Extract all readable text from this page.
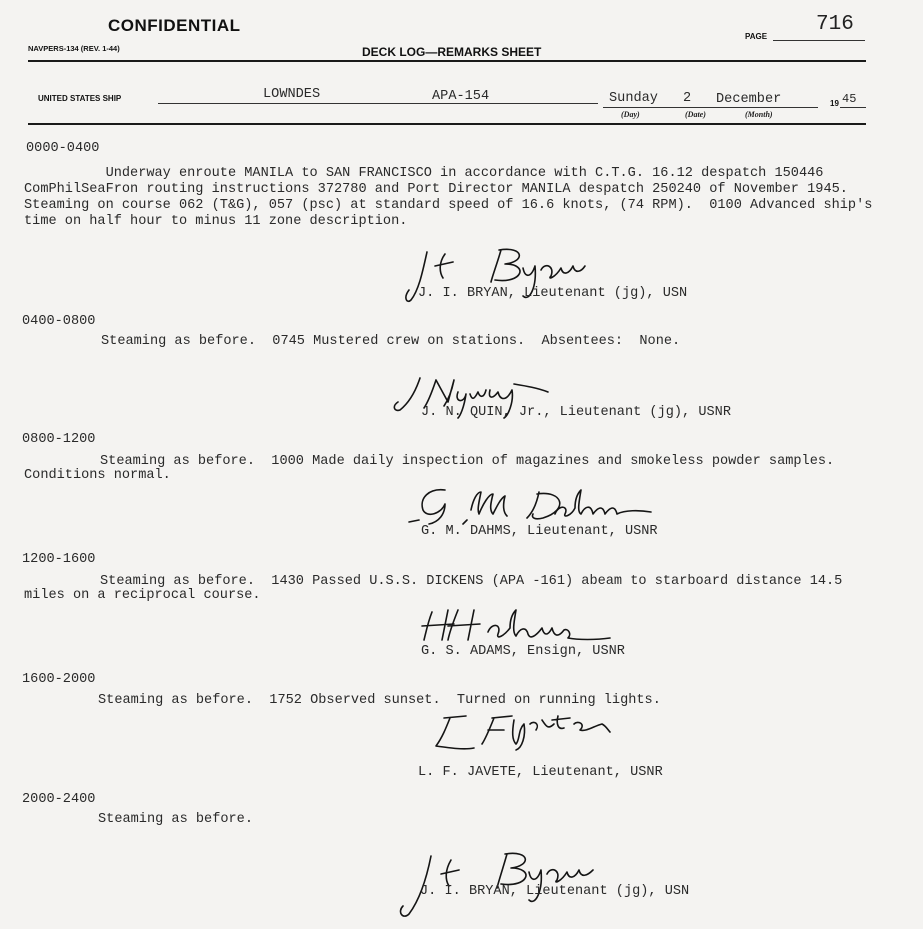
CONFIDENTIAL
NAVPERS-134 (REV. 1-44)	DECK LOG—REMARKS SHEET
PAGE
716
UNITED STATES SHIP	LOWNDES	APA-154	Sunday 2 December	19 45
(Day)	(Date)	(Month)
0000-0400
Underway enroute MANILA to SAN FRANCISCO in accordance with C.T.G. 16.12 despatch 150446
ComPhilSeaFron routing instructions 372780 and Port Director MANILA despatch 250240 of November 1945.
Steaming on course 062 (T&G), 057 (psc) at standard speed of 16.6 knots, (74 RPM).  0100 Advanced ship's
time on half hour to minus 11 zone description.
J. I. BRYAN, Lieutenant (jg), USN
0400-0800
Steaming as before.  0745 Mustered crew on stations.  Absentees:  None.
J. N. QUIN, Jr., Lieutenant (jg), USNR
0800-1200
Steaming as before.  1000 Made daily inspection of magazines and smokeless powder samples.
Conditions normal.
G. M. DAHMS, Lieutenant, USNR
1200-1600
Steaming as before.  1430 Passed U.S.S. DICKENS (APA -161) abeam to starboard distance 14.5
miles on a reciprocal course.
G. S. ADAMS, Ensign, USNR
1600-2000
Steaming as before.  1752 Observed sunset.  Turned on running lights.
L. F. JAVETE, Lieutenant, USNR
2000-2400
Steaming as before.
J. I. BRYAN, Lieutenant (jg), USN
